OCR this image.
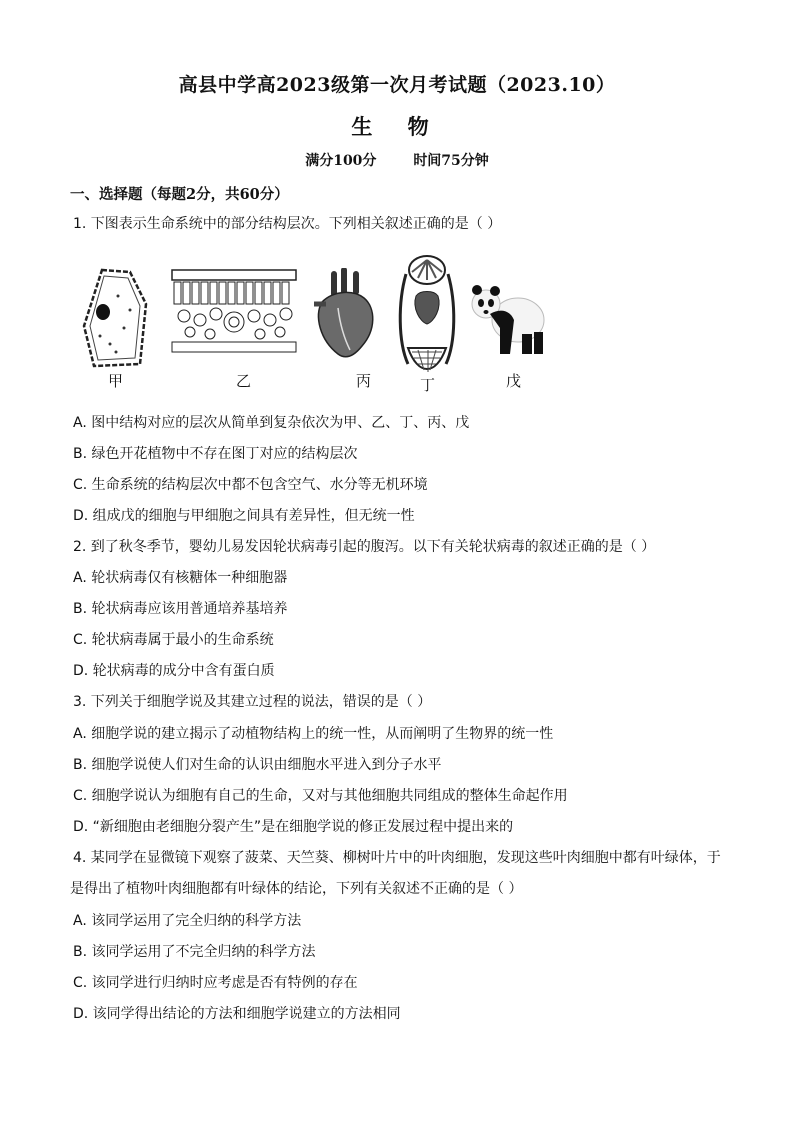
高县中学高2023级第一次月考试题（2023.10）
生 物
满分100分	时间75分钟
一、选择题（每题2分，共60分）
1. 下图表示生命系统中的部分结构层次。下列相关叙述正确的是（ ）
甲	乙	丙	丁	戊
A. 图中结构对应的层次从简单到复杂依次为甲、乙、丁、丙、戊
B. 绿色开花植物中不存在图丁对应的结构层次
C. 生命系统的结构层次中都不包含空气、水分等无机环境
D. 组成戊的细胞与甲细胞之间具有差异性，但无统一性
2. 到了秋冬季节，婴幼儿易发因轮状病毒引起的腹泻。以下有关轮状病毒的叙述正确的是（ ）
A. 轮状病毒仅有核糖体一种细胞器
B. 轮状病毒应该用普通培养基培养
C. 轮状病毒属于最小的生命系统
D. 轮状病毒的成分中含有蛋白质
3. 下列关于细胞学说及其建立过程的说法，错误的是（ ）
A. 细胞学说的建立揭示了动植物结构上的统一性，从而阐明了生物界的统一性
B. 细胞学说使人们对生命的认识由细胞水平进入到分子水平
C. 细胞学说认为细胞有自己的生命，又对与其他细胞共同组成的整体生命起作用
D. “新细胞由老细胞分裂产生”是在细胞学说的修正发展过程中提出来的
4. 某同学在显微镜下观察了菠菜、天竺葵、柳树叶片中的叶肉细胞，发现这些叶肉细胞中都有叶绿体，于
是得出了植物叶肉细胞都有叶绿体的结论，下列有关叙述不正确的是（ ）
A. 该同学运用了完全归纳的科学方法
B. 该同学运用了不完全归纳的科学方法
C. 该同学进行归纳时应考虑是否有特例的存在
D. 该同学得出结论的方法和细胞学说建立的方法相同
